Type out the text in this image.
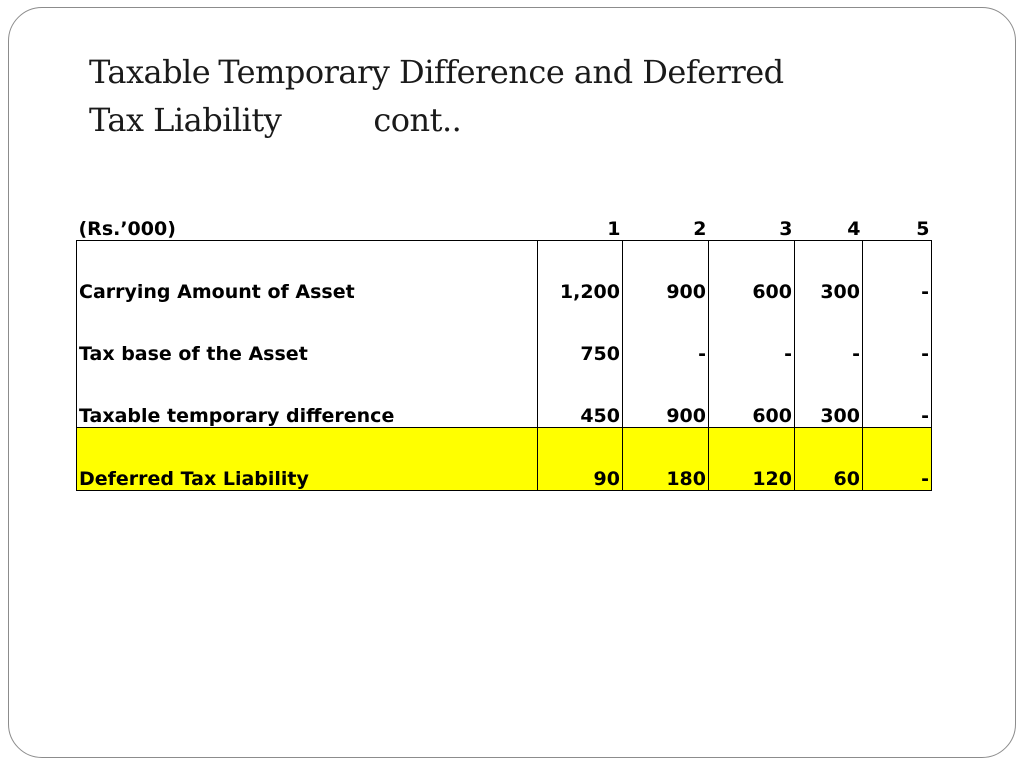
Taxable Temporary Difference and Deferred
Tax Liability	cont..
(Rs.’000)	1	2	3	4	5
Carrying Amount of Asset	1,200	900	600	300	-
Tax base of the Asset	750	-	-	-	-
Taxable temporary difference	450	900	600	300	-
Deferred Tax Liability	90	180	120	60	-
